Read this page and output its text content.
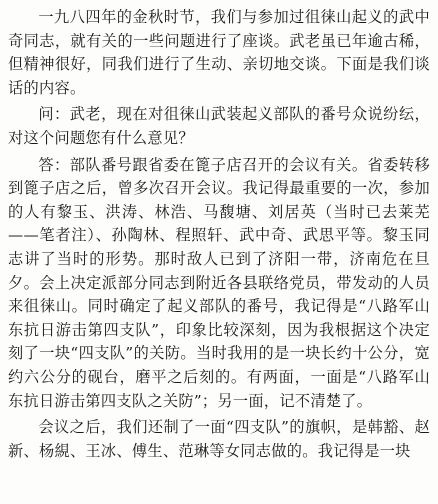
一九八四年的金秋时节，我们与参加过徂徕山起义的武中奇同志，就有关的一些问题进行了座谈。武老虽已年逾古稀，但精神很好，同我们进行了生动、亲切地交谈。下面是我们谈话的内容。

问：武老，现在对徂徕山武装起义部队的番号众说纷纭，对这个问题您有什么意见？

答：部队番号跟省委在篦子店召开的会议有关。省委转移到篦子店之后，曾多次召开会议。我记得最重要的一次，参加的人有黎玉、洪涛、林浩、马馥塘、刘居英（当时已去莱芜——笔者注）、孙陶林、程照轩、武中奇、武思平等。黎玉同志讲了当时的形势。那时敌人已到了济阳一带，济南危在旦夕。会上决定派部分同志到附近各县联络党员，带发动的人员来徂徕山。同时确定了起义部队的番号，我记得是“八路军山东抗日游击第四支队”，印象比较深刻，因为我根据这个决定刻了一块“四支队”的关防。当时我用的是一块长约十公分，宽约六公分的砚台，磨平之后刻的。有两面，一面是“八路军山东抗日游击第四支队之关防”；另一面，记不清楚了。

会议之后，我们还制了一面“四支队”的旗帜，是韩豁、赵新、杨絸、王冰、傅生、范琳等女同志做的。我记得是一块
